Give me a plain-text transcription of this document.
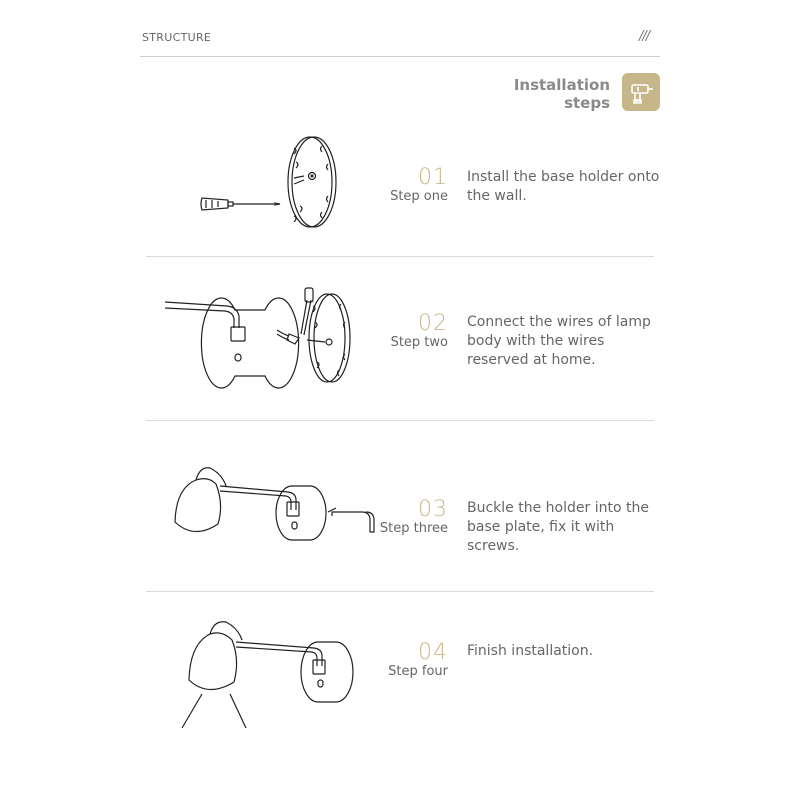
STRUCTURE	///
Installation
steps
01
Step one
Install the base holder onto the wall.
02
Step two
Connect the wires of lamp body with the wires reserved at home.
03
Step three
Buckle the holder into the base plate, fix it with screws.
04
Step four
Finish installation.
